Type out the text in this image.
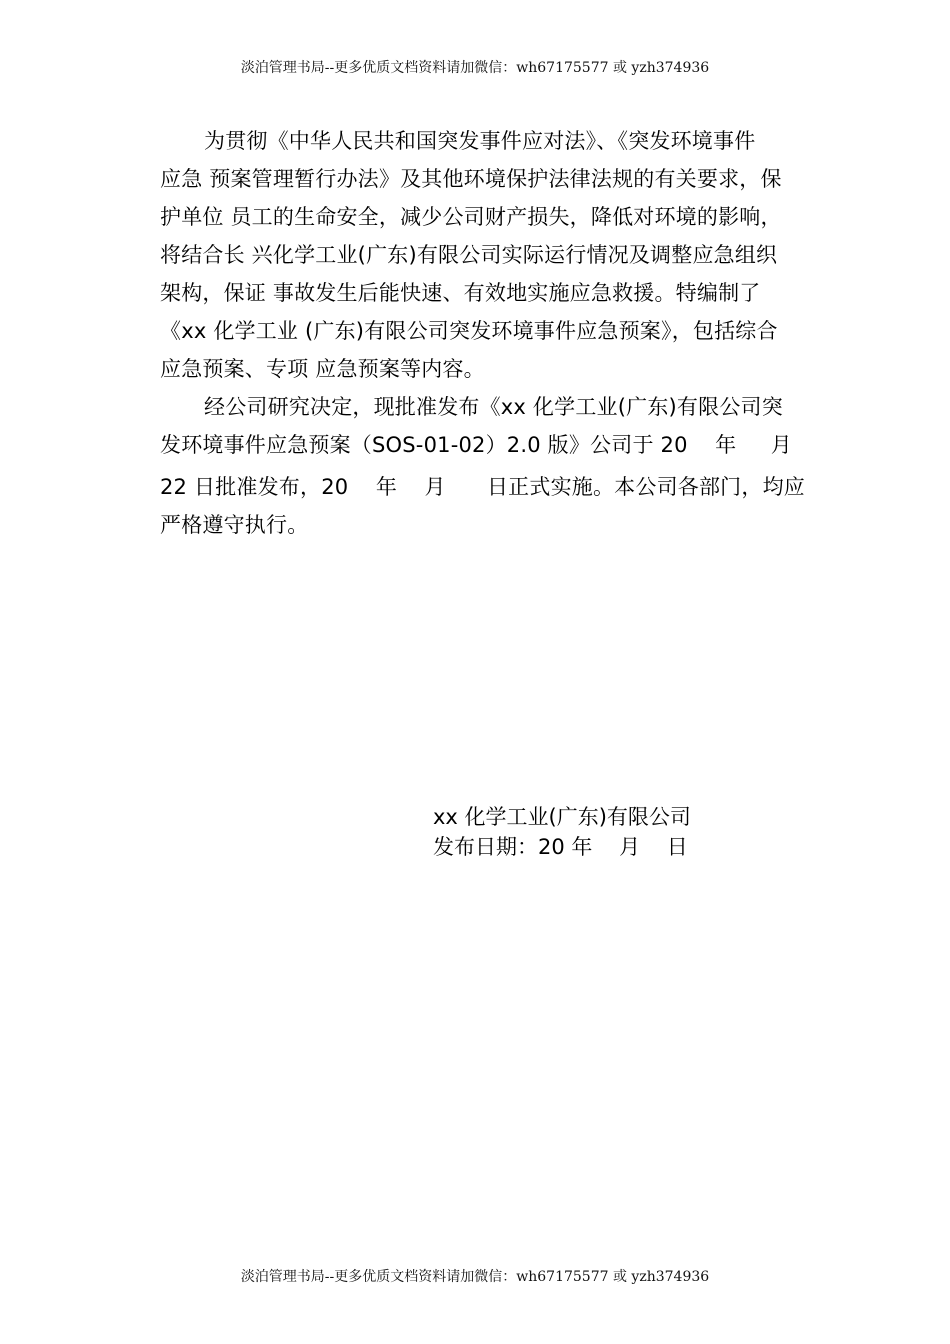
淡泊管理书局--更多优质文档资料请加微信：wh67175577 或 yzh374936

为贯彻《中华人民共和国突发事件应对法》、《突发环境事件
应急 预案管理暂行办法》及其他环境保护法律法规的有关要求，保
护单位 员工的生命安全，减少公司财产损失，降低对环境的影响，
将结合长 兴化学工业(广东)有限公司实际运行情况及调整应急组织
架构，保证 事故发生后能快速、有效地实施应急救援。特编制了
《xx 化学工业 (广东)有限公司突发环境事件应急预案》，包括综合
应急预案、专项 应急预案等内容。

经公司研究决定，现批准发布《xx 化学工业(广东)有限公司突
发环境事件应急预案（SOS-01-02）2.0 版》公司于 20    年     月
22 日批准发布，20    年    月      日正式实施。本公司各部门，均应
严格遵守执行。

xx 化学工业(广东)有限公司
发布日期：20 年    月    日
淡泊管理书局--更多优质文档资料请加微信：wh67175577 或 yzh374936
